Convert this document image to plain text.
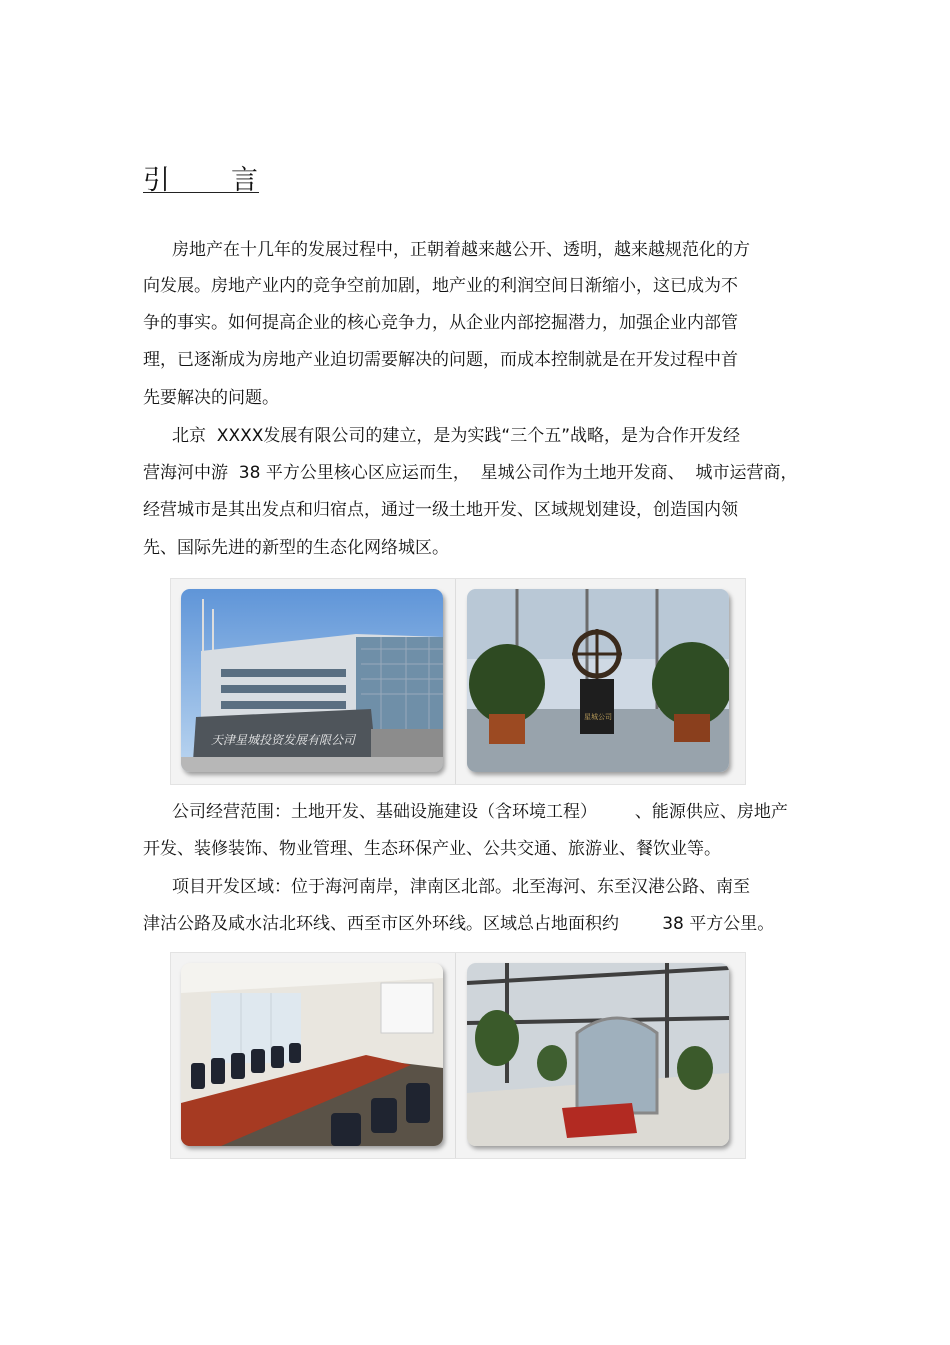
引 言
房地产在十几年的发展过程中，正朝着越来越公开、透明，越来越规范化的方
向发展。房地产业内的竞争空前加剧，地产业的利润空间日渐缩小，这已成为不
争的事实。如何提高企业的核心竞争力，从企业内部挖掘潜力，加强企业内部管
理，已逐渐成为房地产业迫切需要解决的问题，而成本控制就是在开发过程中首
先要解决的问题。
北京  XXXX发展有限公司的建立，是为实践“三个五”战略，是为合作开发经
营海河中游  38 平方公里核心区应运而生，  星城公司作为土地开发商、  城市运营商，
经营城市是其出发点和归宿点，通过一级土地开发、区域规划建设，创造国内领
先、国际先进的新型的生态化网络城区。
天津星城投资发展有限公司
星城公司
公司经营范围：土地开发、基础设施建设（含环境工程）       、能源供应、房地产
开发、装修装饰、物业管理、生态环保产业、公共交通、旅游业、餐饮业等。
项目开发区域：位于海河南岸，津南区北部。北至海河、东至汉港公路、南至
津沽公路及咸水沽北环线、西至市区外环线。区域总占地面积约        38 平方公里。
